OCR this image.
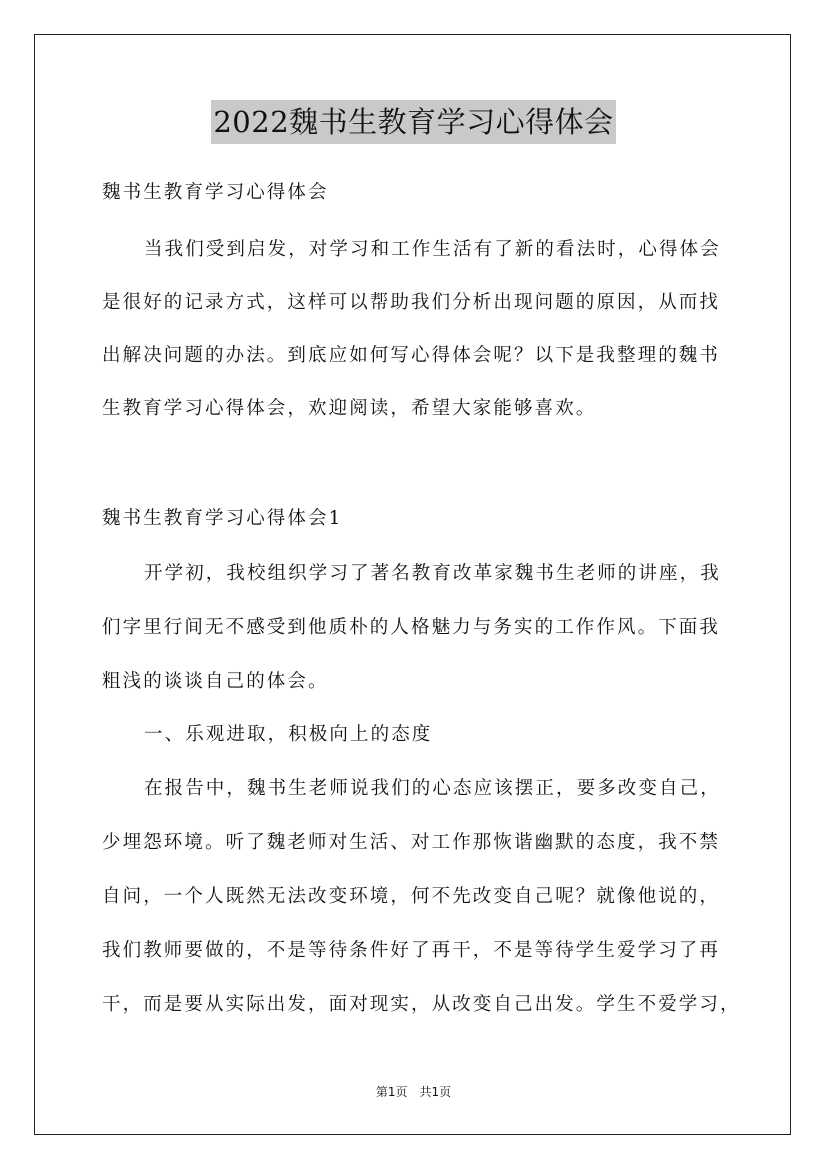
2022魏书生教育学习心得体会
魏书生教育学习心得体会
当我们受到启发，对学习和工作生活有了新的看法时，心得体会
是很好的记录方式，这样可以帮助我们分析出现问题的原因，从而找
出解决问题的办法。到底应如何写心得体会呢？以下是我整理的魏书
生教育学习心得体会，欢迎阅读，希望大家能够喜欢。
魏书生教育学习心得体会1
开学初，我校组织学习了著名教育改革家魏书生老师的讲座，我
们字里行间无不感受到他质朴的人格魅力与务实的工作作风。下面我
粗浅的谈谈自己的体会。
一、乐观进取，积极向上的态度
在报告中，魏书生老师说我们的心态应该摆正，要多改变自己，
少埋怨环境。听了魏老师对生活、对工作那恢谐幽默的态度，我不禁
自问，一个人既然无法改变环境，何不先改变自己呢？就像他说的，
我们教师要做的，不是等待条件好了再干，不是等待学生爱学习了再
干，而是要从实际出发，面对现实，从改变自己出发。学生不爱学习，
第1页　共1页
